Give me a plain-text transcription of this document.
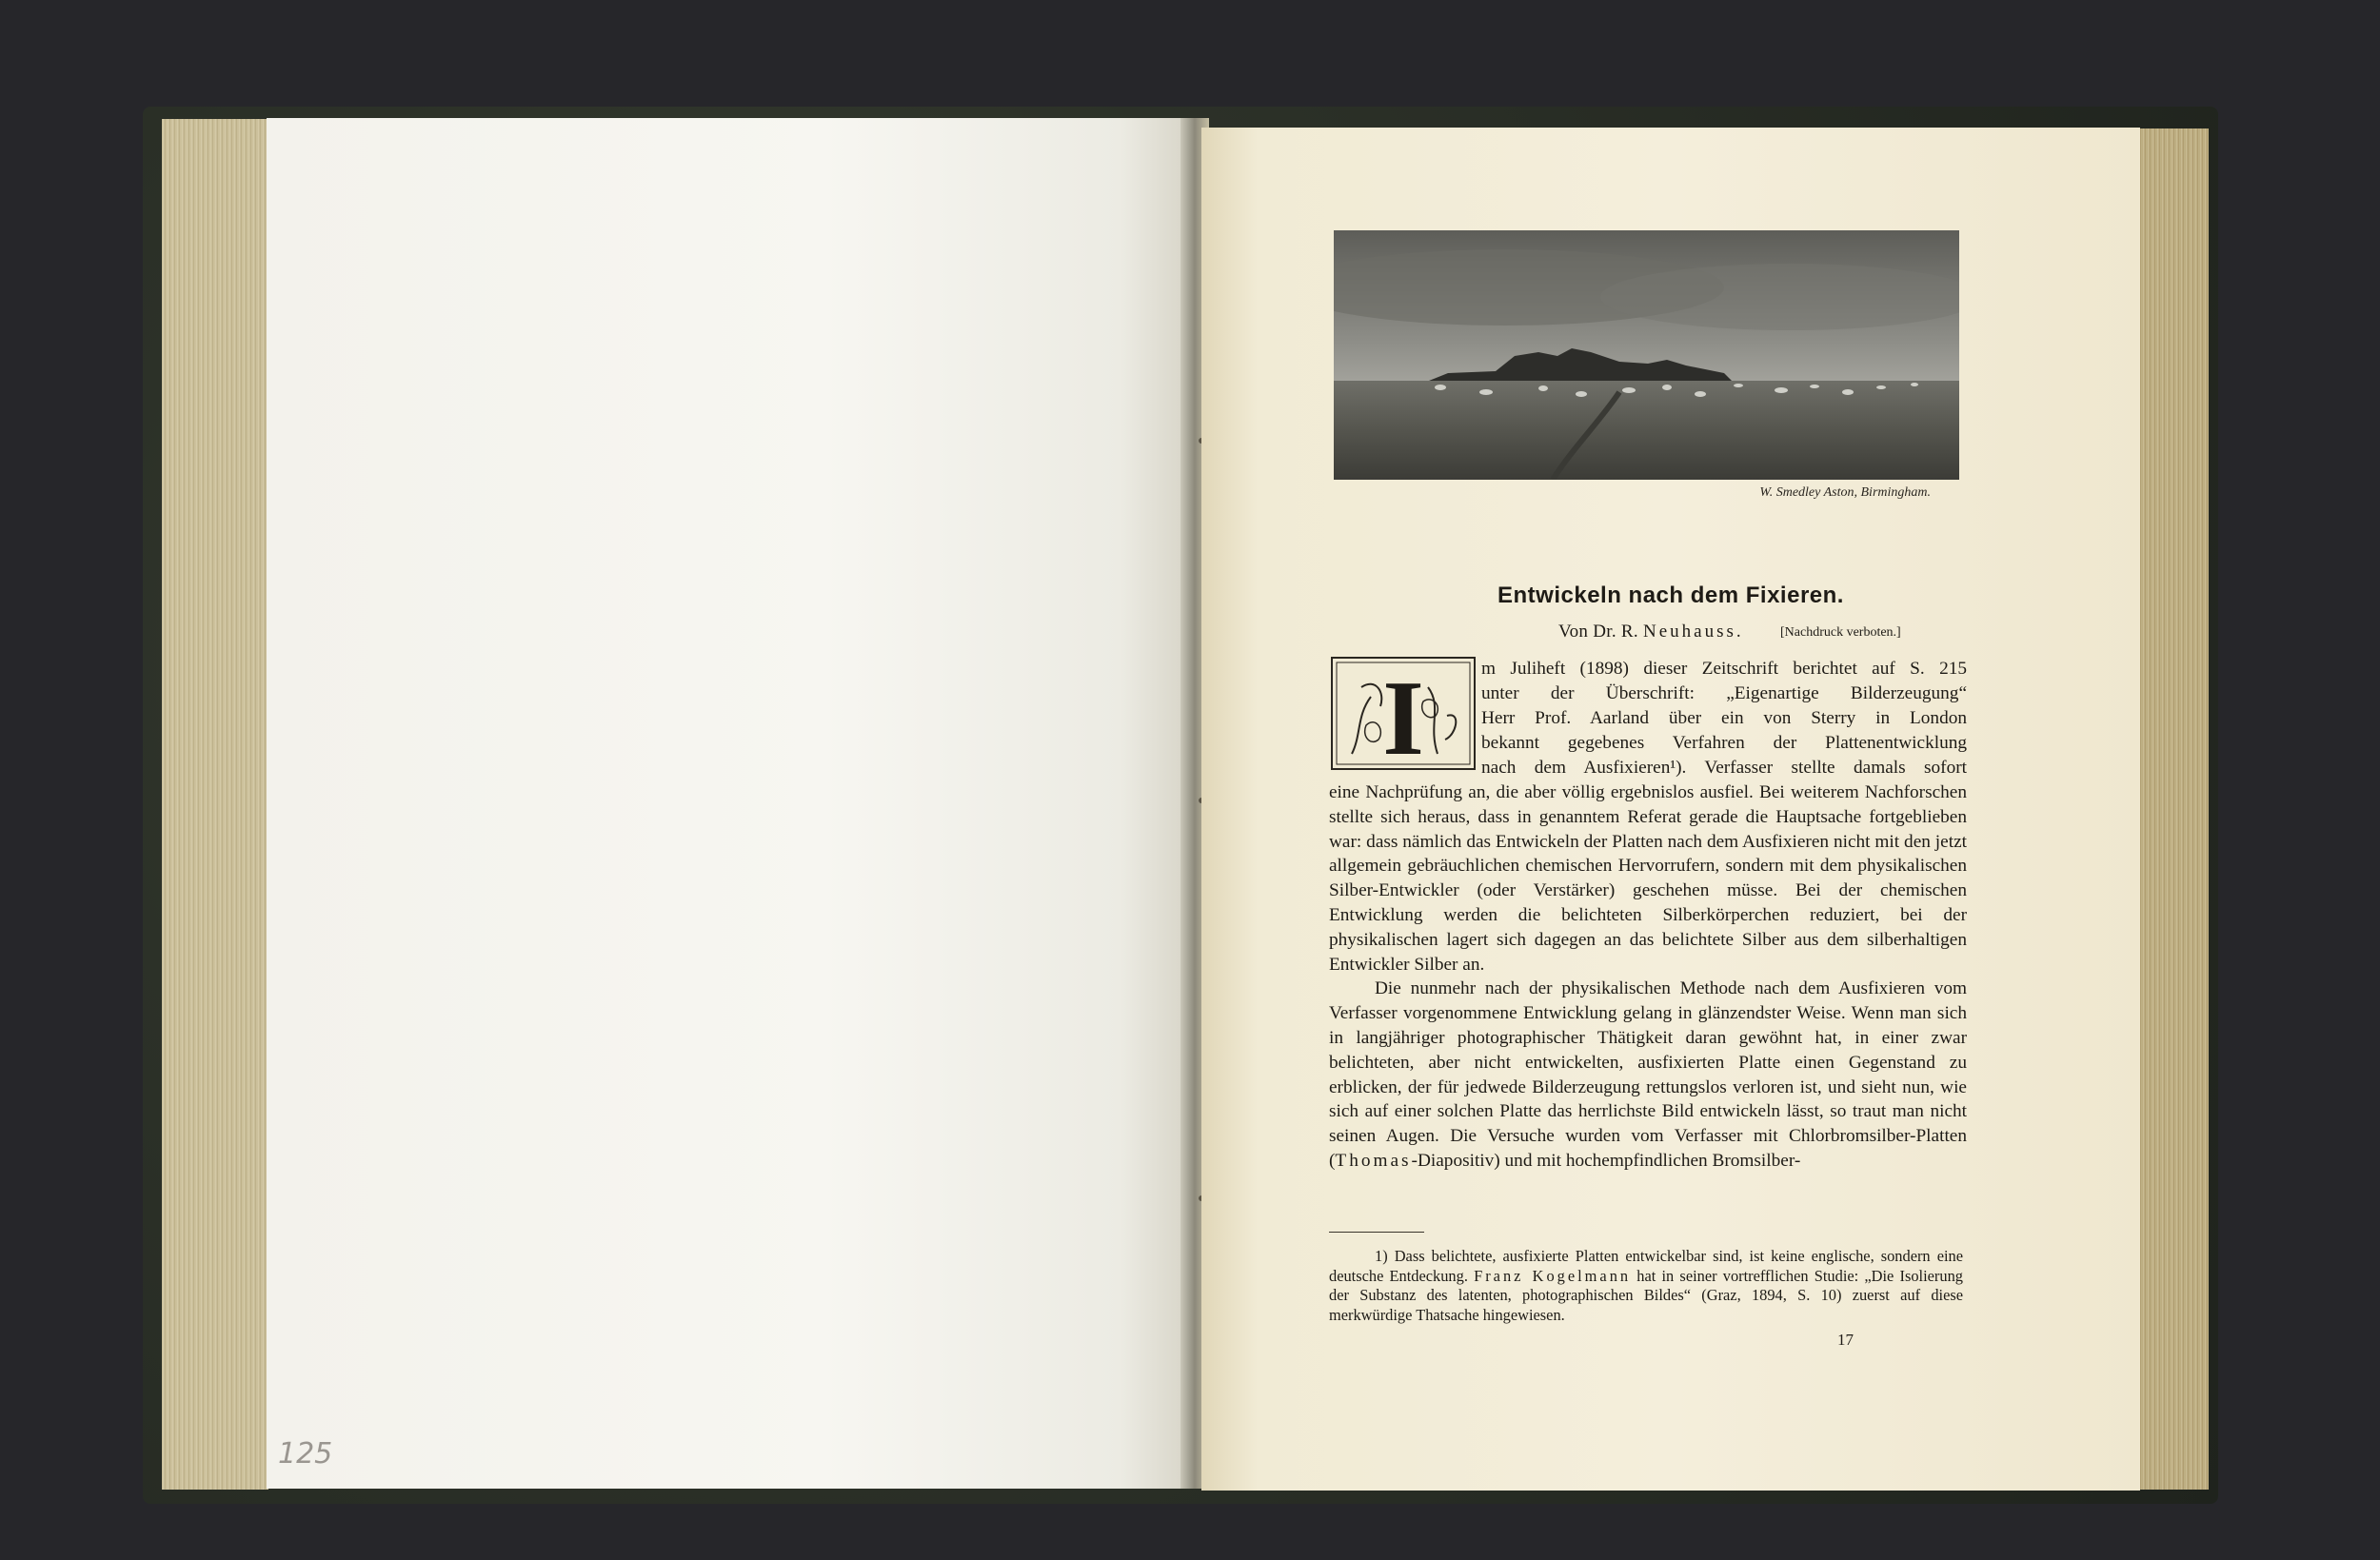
125
W. Smedley Aston, Birmingham.
Entwickeln nach dem Fixieren.
Von Dr. R. Neuhauss.	[Nachdruck verboten.]
I	m Juliheft (1898) dieser Zeitschrift berichtet auf S. 215
unter der Überschrift: „Eigenartige Bilderzeugung“
Herr Prof. Aarland über ein von Sterry in London
bekannt gegebenes Verfahren der Plattenentwicklung
nach dem Ausfixieren¹). Verfasser stellte damals sofort

eine Nachprüfung an, die aber völlig ergebnislos ausfiel. Bei weiterem Nachforschen stellte sich heraus, dass in genanntem Referat gerade die Hauptsache fortgeblieben war: dass nämlich das Entwickeln der Platten nach dem Ausfixieren nicht mit den jetzt allgemein gebräuchlichen chemischen Hervorrufern, sondern mit dem physikalischen Silber-Entwickler (oder Verstärker) geschehen müsse. Bei der chemischen Entwicklung werden die belichteten Silberkörperchen reduziert, bei der physikalischen lagert sich dagegen an das belichtete Silber aus dem silberhaltigen Entwickler Silber an.

Die nunmehr nach der physikalischen Methode nach dem Ausfixieren vom Verfasser vorgenommene Entwicklung gelang in glänzendster Weise. Wenn man sich in langjähriger photographischer Thätigkeit daran gewöhnt hat, in einer zwar belichteten, aber nicht entwickelten, ausfixierten Platte einen Gegenstand zu erblicken, der für jedwede Bilderzeugung rettungslos verloren ist, und sieht nun, wie sich auf einer solchen Platte das herrlichste Bild entwickeln lässt, so traut man nicht seinen Augen. Die Versuche wurden vom Verfasser mit Chlorbromsilber-Platten (Thomas-Diapositiv) und mit hochempfindlichen Bromsilber-

1) Dass belichtete, ausfixierte Platten entwickelbar sind, ist keine englische, sondern eine deutsche Entdeckung. Franz Kogelmann hat in seiner vortrefflichen Studie: „Die Isolierung der Substanz des latenten, photographischen Bildes“ (Graz, 1894, S. 10) zuerst auf diese merkwürdige Thatsache hingewiesen.
17
